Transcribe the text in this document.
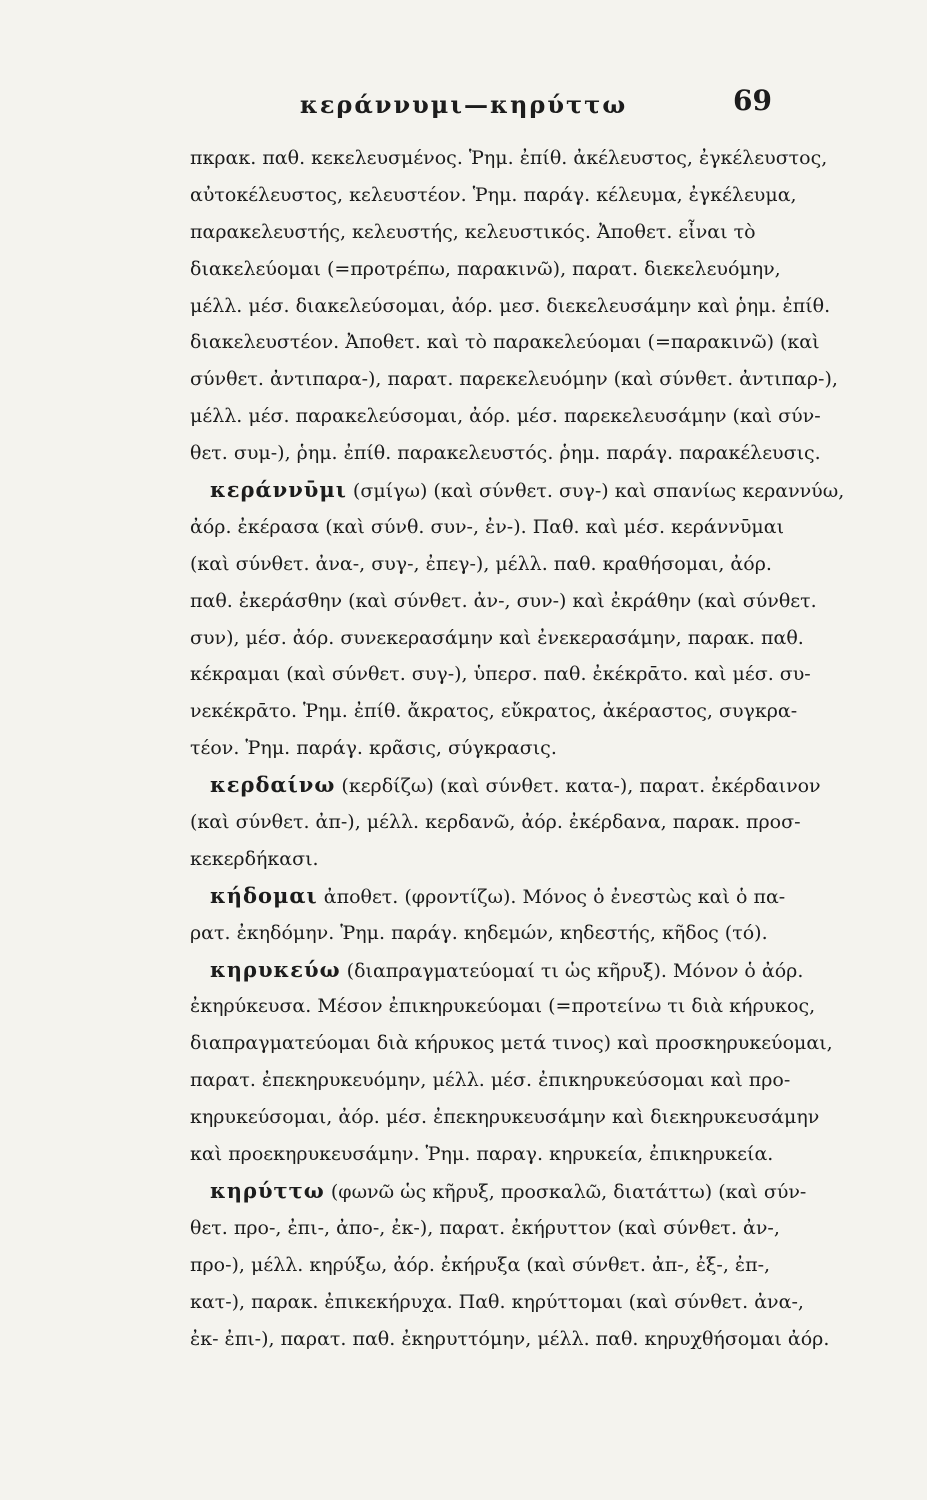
κεράννυμι—κηρύττω	69
πκρακ. παθ. κεκελευσμένος. Ῥημ. ἐπίθ. ἀκέλευστος, ἐγκέλευστος,
αὐτοκέλευστος, κελευστέον. Ῥημ. παράγ. κέλευμα, ἐγκέλευμα,
παρακελευστής, κελευστής, κελευστικός. Ἀποθετ. εἶναι τὸ
διακελεύομαι (=προτρέπω, παρακινῶ), παρατ. διεκελευόμην,
μέλλ. μέσ. διακελεύσομαι, ἀόρ. μεσ. διεκελευσάμην καὶ ῥημ. ἐπίθ.
διακελευστέον. Ἀποθετ. καὶ τὸ παρακελεύομαι (=παρακινῶ) (καὶ
σύνθετ. ἀντιπαρα-), παρατ. παρεκελευόμην (καὶ σύνθετ. ἀντιπαρ-),
μέλλ. μέσ. παρακελεύσομαι, ἀόρ. μέσ. παρεκελευσάμην (καὶ σύν-
θετ. συμ-), ῥημ. ἐπίθ. παρακελευστός. ῥημ. παράγ. παρακέλευσις.
κεράννῡμι (σμίγω) (καὶ σύνθετ. συγ-) καὶ σπανίως κεραννύω,
ἀόρ. ἐκέρασα (καὶ σύνθ. συν-, ἐν-). Παθ. καὶ μέσ. κεράννῡμαι
(καὶ σύνθετ. ἀνα-, συγ-, ἐπεγ-), μέλλ. παθ. κραθήσομαι, ἀόρ.
παθ. ἐκεράσθην (καὶ σύνθετ. ἀν-, συν-) καὶ ἐκράθην (καὶ σύνθετ.
συν), μέσ. ἀόρ. συνεκερασάμην καὶ ἐνεκερασάμην, παρακ. παθ.
κέκραμαι (καὶ σύνθετ. συγ-), ὑπερσ. παθ. ἐκέκρᾱτο. καὶ μέσ. συ-
νεκέκρᾱτο. Ῥημ. ἐπίθ. ἄκρατος, εὔκρατος, ἀκέραστος, συγκρα-
τέον. Ῥημ. παράγ. κρᾶσις, σύγκρασις.
κερδαίνω (κερδίζω) (καὶ σύνθετ. κατα-), παρατ. ἐκέρδαινον
(καὶ σύνθετ. ἀπ-), μέλλ. κερδανῶ, ἀόρ. ἐκέρδανα, παρακ. προσ-
κεκερδήκασι.
κήδομαι ἀποθετ. (φροντίζω). Μόνος ὁ ἐνεστὼς καὶ ὁ πα-
ρατ. ἐκηδόμην. Ῥημ. παράγ. κηδεμών, κηδεστής, κῆδος (τό).
κηρυκεύω (διαπραγματεύομαί τι ὡς κῆρυξ). Μόνον ὁ ἀόρ.
ἐκηρύκευσα. Μέσον ἐπικηρυκεύομαι (=προτείνω τι διὰ κήρυκος,
διαπραγματεύομαι διὰ κήρυκος μετά τινος) καὶ προσκηρυκεύομαι,
παρατ. ἐπεκηρυκευόμην, μέλλ. μέσ. ἐπικηρυκεύσομαι καὶ προ-
κηρυκεύσομαι, ἀόρ. μέσ. ἐπεκηρυκευσάμην καὶ διεκηρυκευσάμην
καὶ προεκηρυκευσάμην. Ῥημ. παραγ. κηρυκεία, ἐπικηρυκεία.
κηρύττω (φωνῶ ὡς κῆρυξ, προσκαλῶ, διατάττω) (καὶ σύν-
θετ. προ-, ἐπι-, ἀπο-, ἐκ-), παρατ. ἐκήρυττον (καὶ σύνθετ. ἀν-,
προ-), μέλλ. κηρύξω, ἀόρ. ἐκήρυξα (καὶ σύνθετ. ἀπ-, ἐξ-, ἐπ-,
κατ-), παρακ. ἐπικεκήρυχα. Παθ. κηρύττομαι (καὶ σύνθετ. ἀνα-,
ἐκ- ἐπι-), παρατ. παθ. ἐκηρυττόμην, μέλλ. παθ. κηρυχθήσομαι ἀόρ.
